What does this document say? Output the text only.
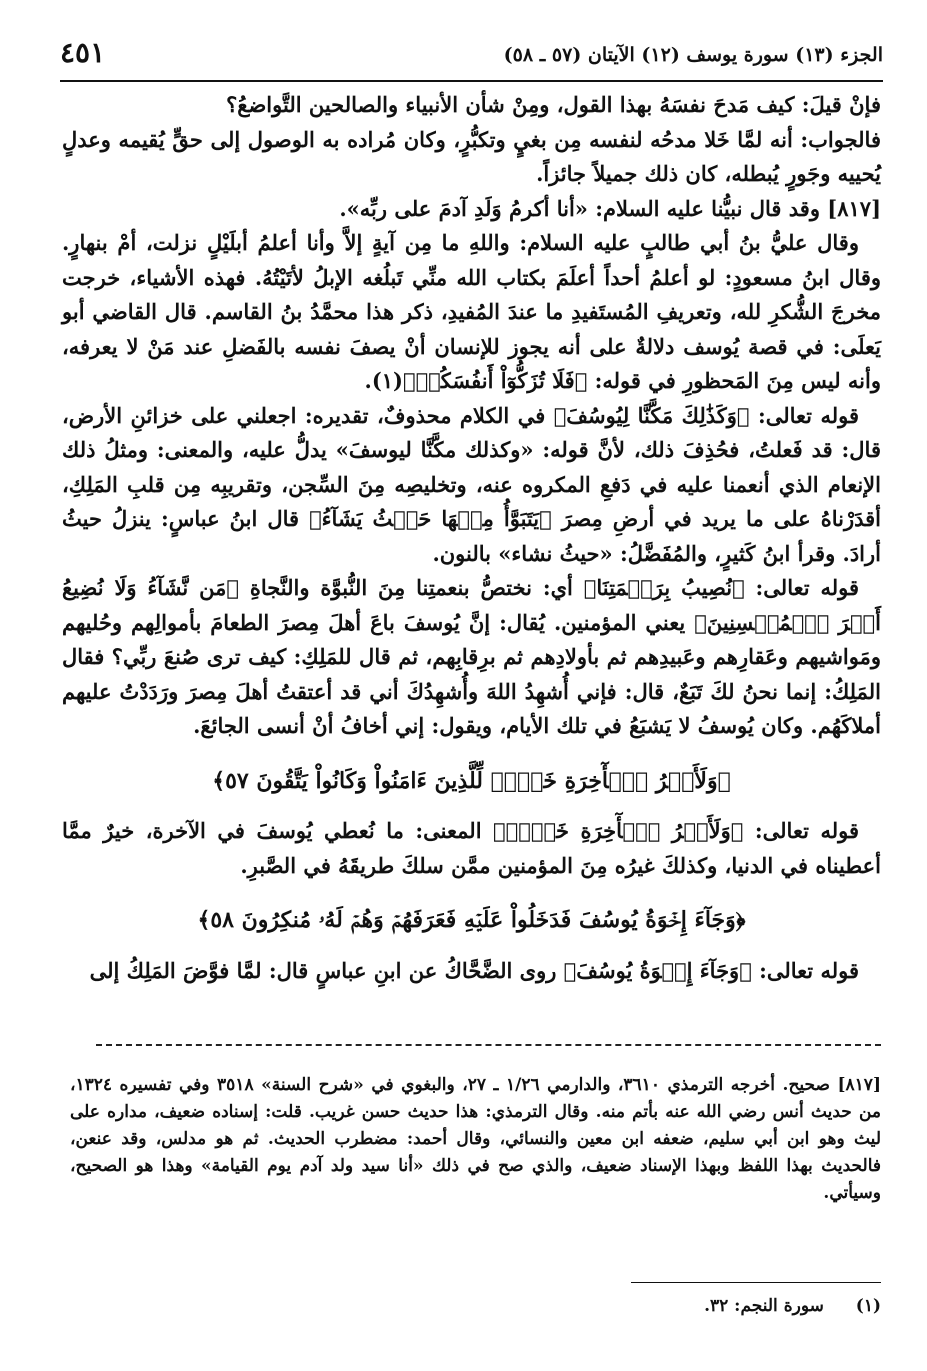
الجزء (١٣) سورة يوسف (١٢) الآيتان (٥٧ ـ ٥٨)
٤٥١

فإنْ قيلَ: كيف مَدحَ نفسَهُ بهذا القول، ومِنْ شأن الأنبياء والصالحين التَّواضعُ؟

فالجواب: أنه لمَّا خَلا مدحُه لنفسه مِن بغيٍ وتكبُّرٍ، وكان مُراده به الوصول إلى حقٍّ يُقيمه وعدلٍ يُحييه وجَورٍ يُبطله، كان ذلك جميلاً جائزاً.

[٨١٧] وقد قال نبيُّنا عليه السلام: «أنا أكرمُ وَلَدِ آدمَ على ربِّه».

وقال عليُّ بنُ أبي طالبٍ عليه السلام: واللهِ ما مِن آيةٍ إلاَّ وأنا أعلمُ أبلَيْلٍ نزلت، أمْ بنهارٍ. وقال ابنُ مسعودٍ: لو أعلمُ أحداً أعلَمَ بكتاب الله منِّي تَبلُغه الإبلُ لأتَيْتُهُ. فهذه الأشياء، خرجت مخرجَ الشُّكرِ لله، وتعريفِ المُستَفيدِ ما عندَ المُفيدِ، ذكر هذا محمَّدُ بنُ القاسم. قال القاضي أبو يَعلَى: في قصة يُوسف دلالةٌ على أنه يجوز للإنسان أنْ يصفَ نفسه بالفَضلِ عند مَنْ لا يعرفه، وأنه ليس مِنَ المَحظورِ في قوله: ﴿فَلَا تُزَكُّوٓاْ أَنفُسَكُمۡ﴾(١).

قوله تعالى: ﴿وَكَذَٰلِكَ مَكَّنَّا لِيُوسُفَ﴾ في الكلام محذوفٌ، تقديره: اجعلني على خزائنِ الأرض، قال: قد فَعلتُ، فحُذِفَ ذلك، لأنَّ قوله: «وكذلك مكَّنَّا ليوسفَ» يدلُّ عليه، والمعنى: ومثلُ ذلك الإنعام الذي أنعمنا عليه في دَفعِ المكروه عنه، وتخليصِه مِنَ السِّجن، وتقريبِه مِن قلبِ المَلِكِ، أقدَرْناهُ على ما يريد في أرضِ مِصرَ ﴿يَتَبَوَّأُ مِنۡهَا حَيۡثُ يَشَآءُ﴾ قال ابنُ عباسٍ: ينزلُ حيثُ أرادَ. وقرأ ابنُ كَثيرٍ، والمُفَضَّلُ: «حيثُ نشاء» بالنون.

قوله تعالى: ﴿نُصِيبُ بِرَحۡمَتِنَا﴾ أي: نختصُّ بنعمتِنا مِنَ النُّبوَّة والنَّجاةِ ﴿مَن نَّشَآءُ وَلَا نُضِيعُ أَجۡرَ ٱلۡمُحۡسِنِينَ﴾ يعني المؤمنين. يُقال: إنَّ يُوسفَ باعَ أهلَ مِصرَ الطعامَ بأموالِهم وحُليهم ومَواشيهم وعَقارِهم وعَبيدِهم ثم بأولادِهم ثم برِقابِهم، ثم قال للمَلِكِ: كيف ترى صُنعَ ربِّي؟ فقال المَلِكُ: إنما نحنُ لكَ تَبَعٌ، قال: فإني أُشهِدُ اللهَ وأُشهِدُكَ أني قد أعتقتُ أهلَ مِصرَ ورَدَدْتُ عليهم أملاكَهُم. وكان يُوسفُ لا يَشبَعُ في تلك الأيام، ويقول: إني أخافُ أنْ أنسى الجائعَ.

﴿وَلَأَجۡرُ ٱلۡأٓخِرَةِ خَيۡرٞ لِّلَّذِينَ ءَامَنُواْ وَكَانُواْ يَتَّقُونَ ٥٧﴾

قوله تعالى: ﴿وَلَأَجۡرُ ٱلۡأٓخِرَةِ خَيۡرٞ﴾ المعنى: ما نُعطي يُوسفَ في الآخرة، خيرٌ ممَّا أعطيناه في الدنيا، وكذلكَ غيرُه مِنَ المؤمنين ممَّن سلكَ طريقَهُ في الصَّبرِ.

﴿وَجَآءَ إِخۡوَةُ يُوسُفَ فَدَخَلُواْ عَلَيۡهِ فَعَرَفَهُمۡ وَهُمۡ لَهُۥ مُنكِرُونَ ٥٨﴾

قوله تعالى: ﴿وَجَآءَ إِخۡوَةُ يُوسُفَ﴾ روى الضَّحَّاكُ عن ابنِ عباسٍ قال: لمَّا فوَّضَ المَلِكُ إلى

[٨١٧] صحيح. أخرجه الترمذي ٣٦١٠، والدارمي ١/٢٦ ـ ٢٧، والبغوي في «شرح السنة» ٣٥١٨ وفي تفسيره ١٣٢٤، من حديث أنس رضي الله عنه بأتم منه. وقال الترمذي: هذا حديث حسن غريب. قلت: إسناده ضعيف، مداره على ليث وهو ابن أبي سليم، ضعفه ابن معين والنسائي، وقال أحمد: مضطرب الحديث. ثم هو مدلس، وقد عنعن، فالحديث بهذا اللفظ وبهذا الإسناد ضعيف، والذي صح في ذلك «أنا سيد ولد آدم يوم القيامة» وهذا هو الصحيح، وسيأتي.

(١) سورة النجم: ٣٢.
